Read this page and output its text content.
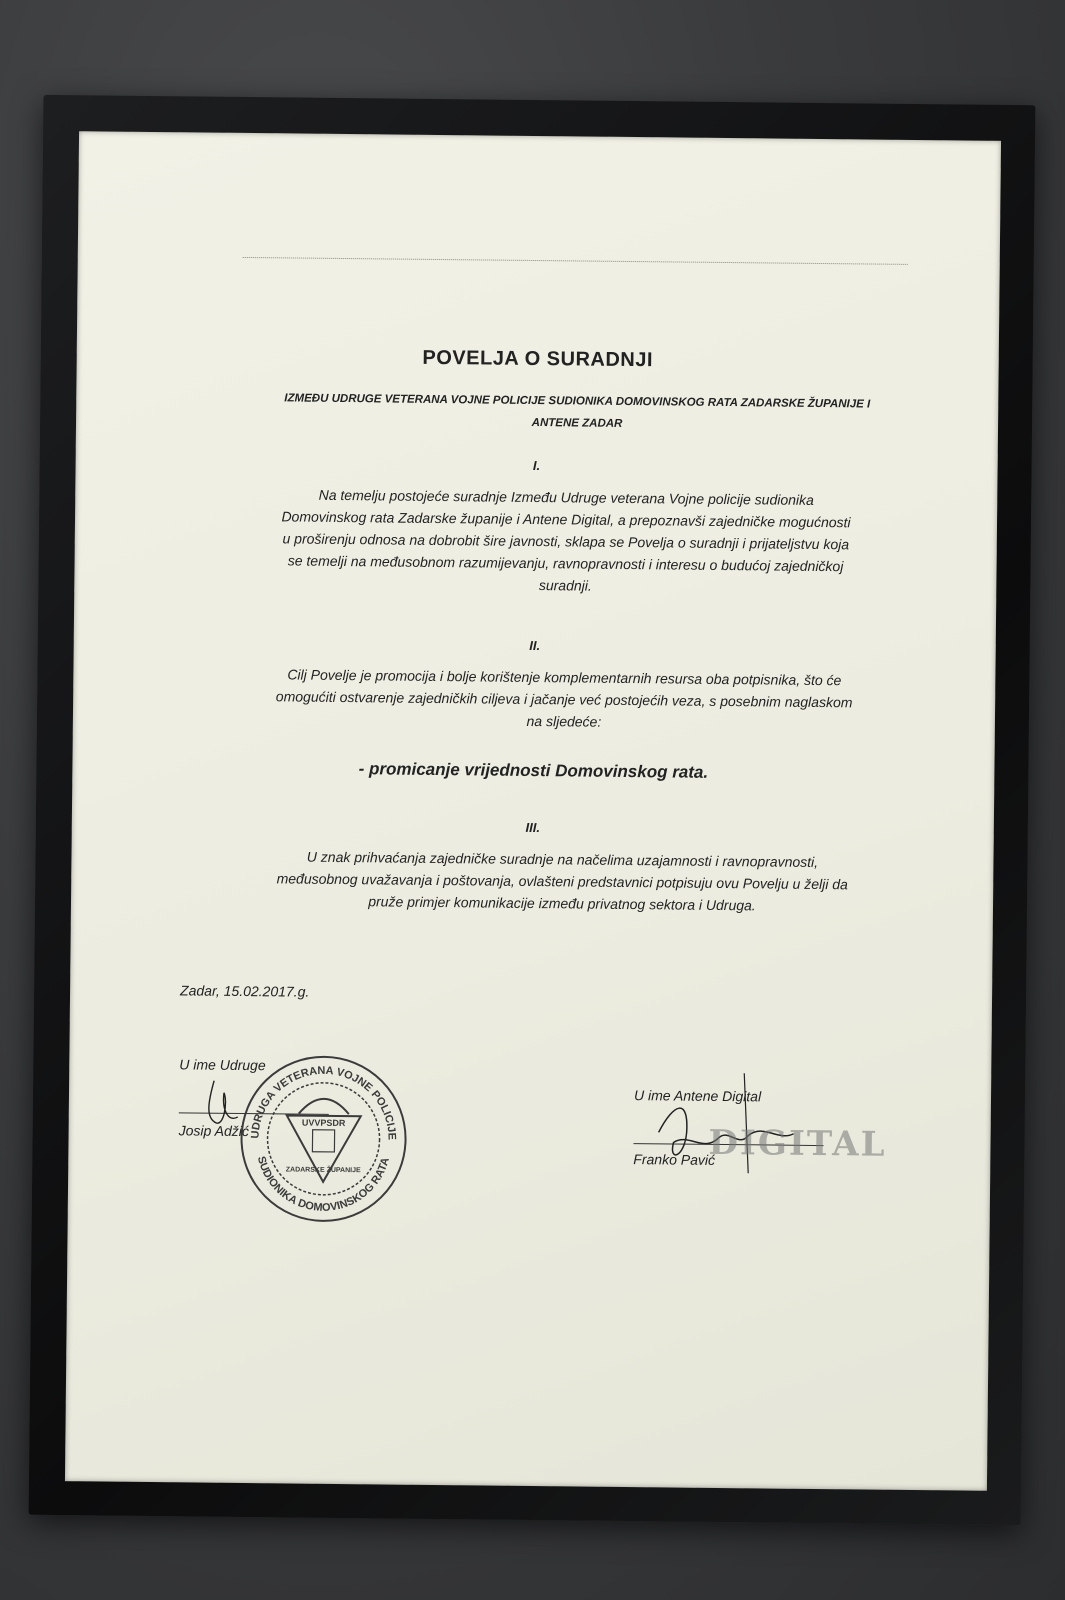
POVELJA O SURADNJI
IZMEĐU UDRUGE VETERANA VOJNE POLICIJE SUDIONIKA DOMOVINSKOG RATA ZADARSKE ŽUPANIJE I
ANTENE ZADAR
I.
Na temelju postojeće suradnje Između Udruge veterana Vojne policije sudionika
Domovinskog rata Zadarske županije i Antene Digital, a prepoznavši zajedničke mogućnosti
u proširenju odnosa na dobrobit šire javnosti, sklapa se Povelja o suradnji i prijateljstvu koja
se temelji na međusobnom razumijevanju, ravnopravnosti i interesu o budućoj zajedničkoj
suradnji.
II.
Cilj Povelje je promocija i bolje korištenje komplementarnih resursa oba potpisnika, što će
omogućiti ostvarenje zajedničkih ciljeva i jačanje već postojećih veza, s posebnim naglaskom
na sljedeće:
- promicanje vrijednosti Domovinskog rata.
III.
U znak prihvaćanja zajedničke suradnje na načelima uzajamnosti i ravnopravnosti,
međusobnog uvažavanja i poštovanja, ovlašteni predstavnici potpisuju ovu Povelju u želji da
pruže primjer komunikacije između privatnog sektora i Udruga.
Zadar, 15.02.2017.g.
U ime Udruge
Josip Adžić UDRUGA VETERANA VOJNE POLICIJE
SUDIONIKA DOMOVINSKOG RATA
UVVPSDR
ZADARSKE ŽUPANIJE
U ime Antene Digital
Franko Pavić
DIGITAL
